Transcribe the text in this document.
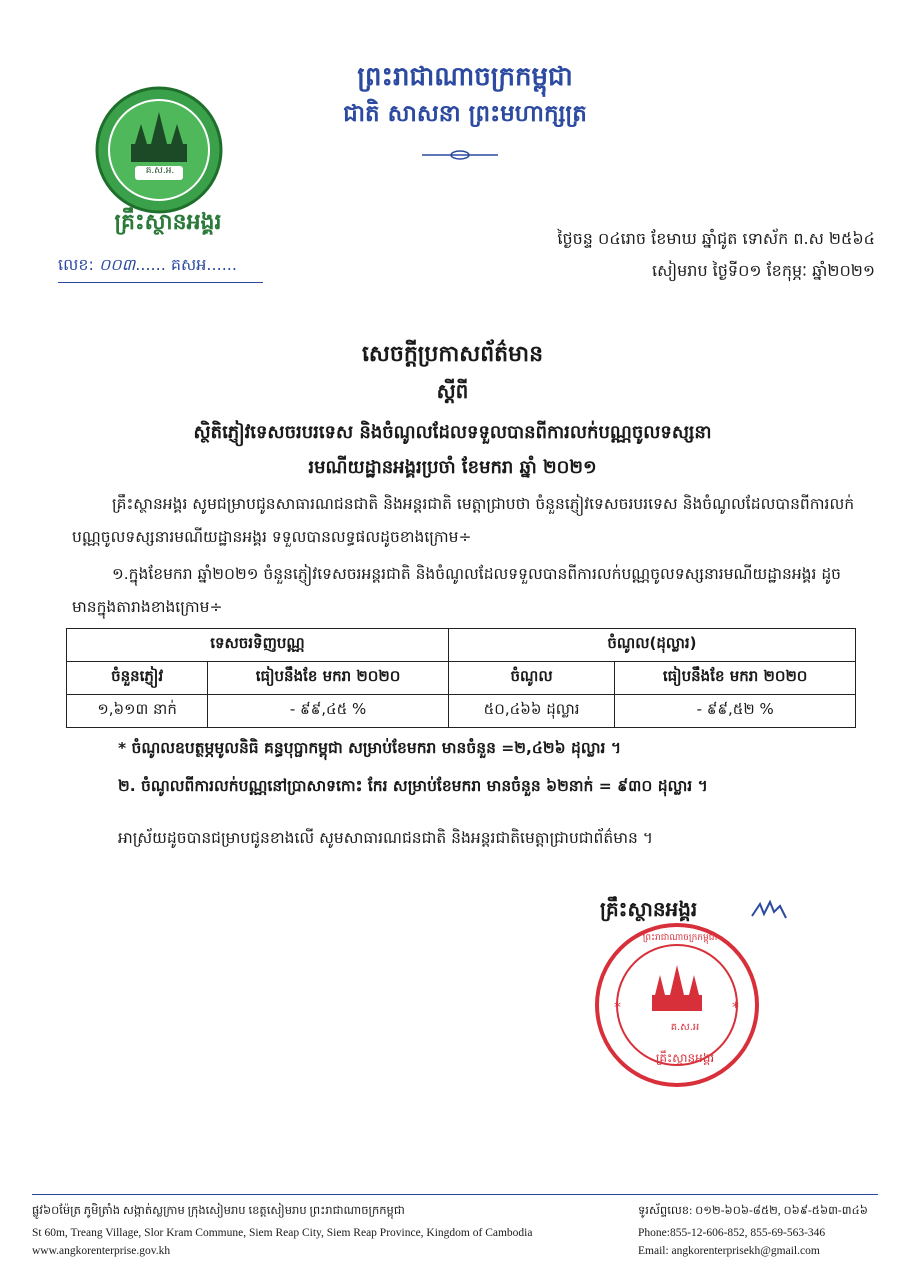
គ.ស.អ.
គ្រឹះស្ថានអង្គរ
លេខ: ០០៣...... គសអ......
ព្រះរាជាណាចក្រកម្ពុជា
ជាតិ សាសនា ព្រះមហាក្សត្រ
ថ្ងៃចន្ទ ០៤រោច ខែមាឃ ឆ្នាំជូត ទោស័ក ព.ស ២៥៦៤
សៀមរាប ថ្ងៃទី០១ ខែកុម្ភៈ ឆ្នាំ២០២១
សេចក្តីប្រកាសព័ត៌មាន
ស្តីពី
ស្ថិតិភ្ញៀវទេសចរបរទេស និងចំណូលដែលទទួលបានពីការលក់បណ្ណចូលទស្សនា
រមណីយដ្ឋានអង្គរប្រចាំ ខែមករា ឆ្នាំ ២០២១
គ្រឹះស្ថានអង្គរ សូមជម្រាបជូនសាធារណជនជាតិ និងអន្តរជាតិ មេត្តាជ្រាបថា ចំនួនភ្ញៀវទេសចរបរទេស និងចំណូលដែលបានពីការលក់បណ្ណចូលទស្សនារមណីយដ្ឋានអង្គរ ទទួលបានលទ្ធផលដូចខាងក្រោម÷
១.ក្នុងខែមករា ឆ្នាំ២០២១ ចំនួនភ្ញៀវទេសចរអន្តរជាតិ និងចំណូលដែលទទួលបានពីការលក់បណ្ណចូលទស្សនារមណីយដ្ឋានអង្គរ ដូចមានក្នុងតារាងខាងក្រោម÷
ទេសចរទិញបណ្ណ		ចំណូល(ដុល្លារ)	
ចំនួនភ្ញៀវ	ធៀបនឹងខែ មករា ២០២០	ចំណូល	ធៀបនឹងខែ មករា ២០២០
១,៦១៣ នាក់	- ៩៩,៤៥ %	៥០,៤៦៦ ដុល្លារ	- ៩៩,៥២ %
* ចំណូលឧបត្ថម្ភមូលនិធិ គន្ធបុប្ផាកម្ពុជា សម្រាប់ខែមករា មានចំនួន =២,៤២៦ ដុល្លារ ។
២. ចំណូលពីការលក់បណ្ណនៅប្រាសាទកោះ កែរ សម្រាប់ខែមករា មានចំនួន ៦២នាក់ = ៩៣០ ដុល្លារ ។
អាស្រ័យដូចបានជម្រាបជូនខាងលើ សូមសាធារណជនជាតិ និងអន្តរជាតិមេត្តាជ្រាបជាព័ត៌មាន ។
គ្រឹះស្ថានអង្គរ
*	*
ព្រះរាជាណាចក្រកម្ពុជា
គ.ស.អ
គ្រឹះស្ថានអង្គរ
ផ្លូវ៦០ម៉ែត្រ ភូមិត្រាំង សង្កាត់ស្លក្រាម ក្រុងសៀមរាប ខេត្តសៀមរាប ព្រះរាជាណាចក្រកម្ពុជា
St 60m, Treang Village, Slor Kram Commune, Siem Reap City, Siem Reap Province, Kingdom of Cambodia
www.angkorenterprise.gov.kh
ទូរស័ព្ទលេខ: ០១២-៦០៦-៨៥២, ០៦៩-៥៦៣-៣៤៦
Phone:855-12-606-852, 855-69-563-346
Email: angkorenterprisekh@gmail.com
